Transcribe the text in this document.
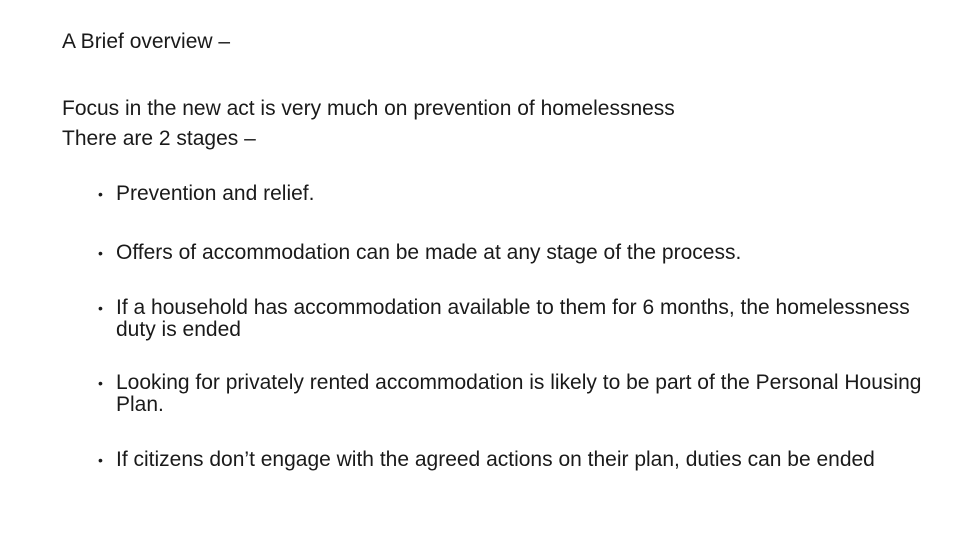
A Brief overview –
Focus in the new act is very much on prevention of homelessness
There are 2 stages –
• Prevention and relief.
• Offers of accommodation can be made at any stage of the process.
• If a household has accommodation available to them for 6 months, the homelessness duty is ended
• Looking for privately rented accommodation is likely to be part of the Personal Housing Plan.
• If citizens don’t engage with the agreed actions on their plan, duties can be ended
